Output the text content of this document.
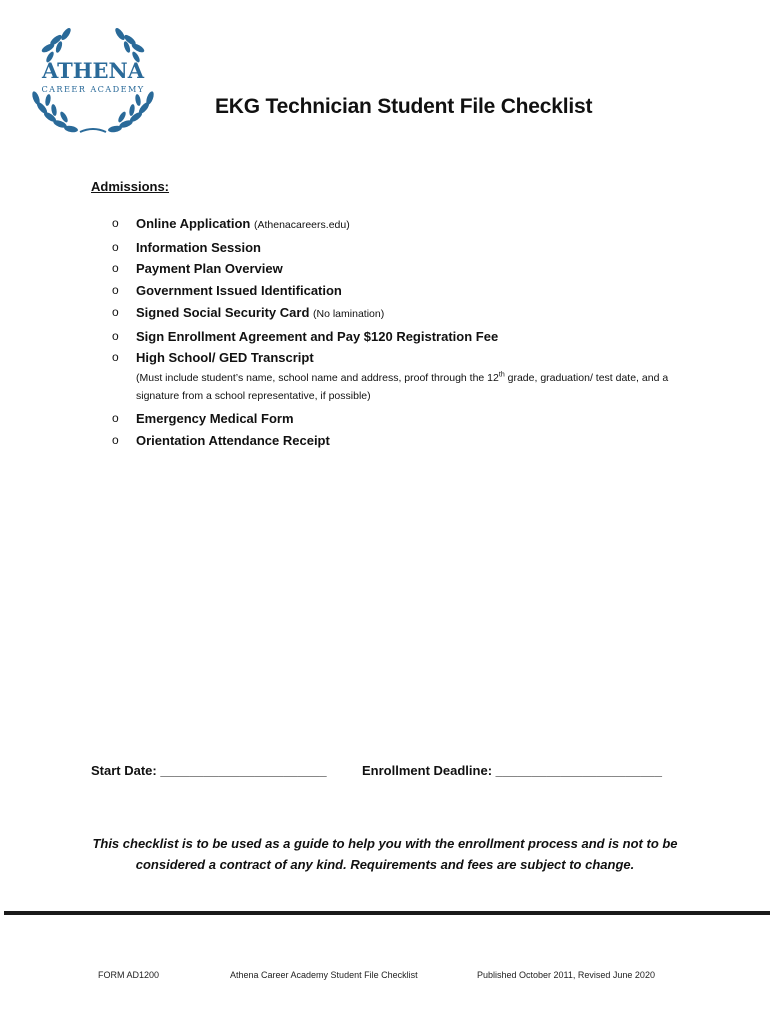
ATHENA
CAREER ACADEMY
EKG Technician Student File Checklist
Admissions:
o Online Application (Athenacareers.edu)
o Information Session
o Payment Plan Overview
o Government Issued Identification
o Signed Social Security Card (No lamination)
o Sign Enrollment Agreement and Pay $120 Registration Fee
o High School/ GED Transcript
(Must include student’s name, school name and address, proof through the 12th grade, graduation/ test date, and a signature from a school representative, if possible)
o Emergency Medical Form
o Orientation Attendance Receipt
Start Date: _______________________	Enrollment Deadline: _______________________
This checklist is to be used as a guide to help you with the enrollment process and is not to be considered a contract of any kind. Requirements and fees are subject to change.
FORM AD1200	Athena Career Academy Student File Checklist	Published October 2011, Revised June 2020
